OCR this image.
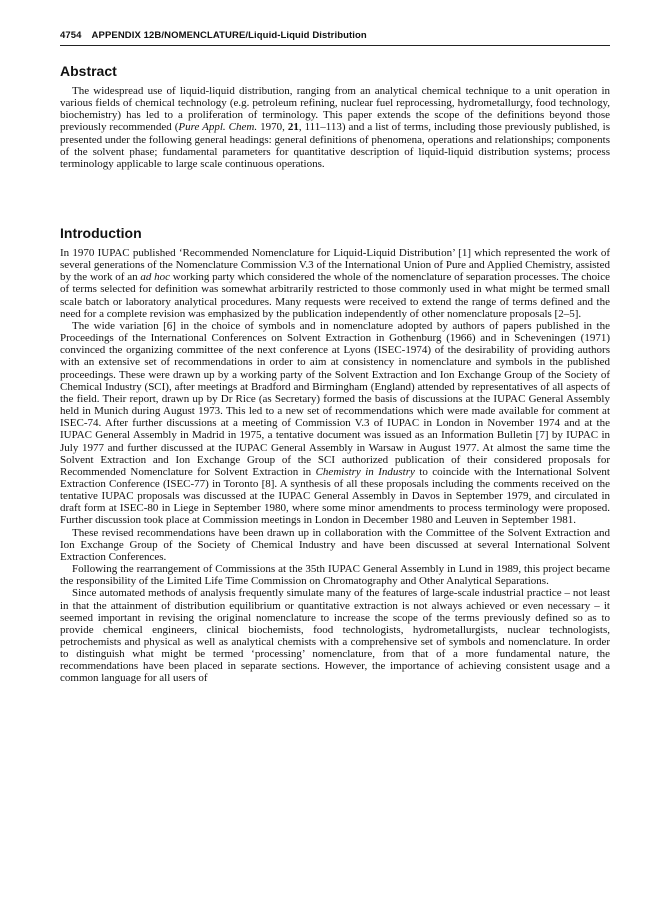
4754 APPENDIX 12B/NOMENCLATURE/Liquid-Liquid Distribution
Abstract

The widespread use of liquid-liquid distribution, ranging from an analytical chemical technique to a unit operation in various fields of chemical technology (e.g. petroleum refining, nuclear fuel reprocessing, hydrometallurgy, food technology, biochemistry) has led to a proliferation of terminology. This paper extends the scope of the definitions beyond those previously recommended (Pure Appl. Chem. 1970, 21, 111–113) and a list of terms, including those previously published, is presented under the following general headings: general definitions of phenomena, operations and relationships; components of the solvent phase; fundamental parameters for quantitative description of liquid-liquid distribution systems; process terminology applicable to large scale continuous operations.

Introduction

In 1970 IUPAC published ‘Recommended Nomenclature for Liquid-Liquid Distribution’ [1] which represented the work of several generations of the Nomenclature Commission V.3 of the International Union of Pure and Applied Chemistry, assisted by the work of an ad hoc working party which considered the whole of the nomenclature of separation processes. The choice of terms selected for definition was somewhat arbitrarily restricted to those commonly used in what might be termed small scale batch or laboratory analytical procedures. Many requests were received to extend the range of terms defined and the need for a complete revision was emphasized by the publication independently of other nomenclature proposals [2–5].

The wide variation [6] in the choice of symbols and in nomenclature adopted by authors of papers published in the Proceedings of the International Conferences on Solvent Extraction in Gothenburg (1966) and in Scheveningen (1971) convinced the organizing committee of the next conference at Lyons (ISEC-1974) of the desirability of providing authors with an extensive set of recommendations in order to aim at consistency in nomenclature and symbols in the published proceedings. These were drawn up by a working party of the Solvent Extraction and Ion Exchange Group of the Society of Chemical Industry (SCI), after meetings at Bradford and Birmingham (England) attended by representatives of all aspects of the field. Their report, drawn up by Dr Rice (as Secretary) formed the basis of discussions at the IUPAC General Assembly held in Munich during August 1973. This led to a new set of recommendations which were made available for comment at ISEC-74. After further discussions at a meeting of Commission V.3 of IUPAC in London in November 1974 and at the IUPAC General Assembly in Madrid in 1975, a tentative document was issued as an Information Bulletin [7] by IUPAC in July 1977 and further discussed at the IUPAC General Assembly in Warsaw in August 1977. At almost the same time the Solvent Extraction and Ion Exchange Group of the SCI authorized publication of their considered proposals for Recommended Nomenclature for Solvent Extraction in Chemistry in Industry to coincide with the International Solvent Extraction Conference (ISEC-77) in Toronto [8]. A synthesis of all these proposals including the comments received on the tentative IUPAC proposals was discussed at the IUPAC General Assembly in Davos in September 1979, and circulated in draft form at ISEC-80 in Liege in September 1980, where some minor amendments to process terminology were proposed. Further discussion took place at Commission meetings in London in December 1980 and Leuven in September 1981.

These revised recommendations have been drawn up in collaboration with the Committee of the Solvent Extraction and Ion Exchange Group of the Society of Chemical Industry and have been discussed at several International Solvent Extraction Conferences.

Following the rearrangement of Commissions at the 35th IUPAC General Assembly in Lund in 1989, this project became the responsibility of the Limited Life Time Commission on Chromatography and Other Analytical Separations.

Since automated methods of analysis frequently simulate many of the features of large-scale industrial practice – not least in that the attainment of distribution equilibrium or quantitative extraction is not always achieved or even necessary – it seemed important in revising the original nomenclature to increase the scope of the terms previously defined so as to provide chemical engineers, clinical biochemists, food technologists, hydrometallurgists, nuclear technologists, petrochemists and physical as well as analytical chemists with a comprehensive set of symbols and nomenclature. In order to distinguish what might be termed ‘processing’ nomenclature, from that of a more fundamental nature, the recommendations have been placed in separate sections. However, the importance of achieving consistent usage and a common language for all users of
